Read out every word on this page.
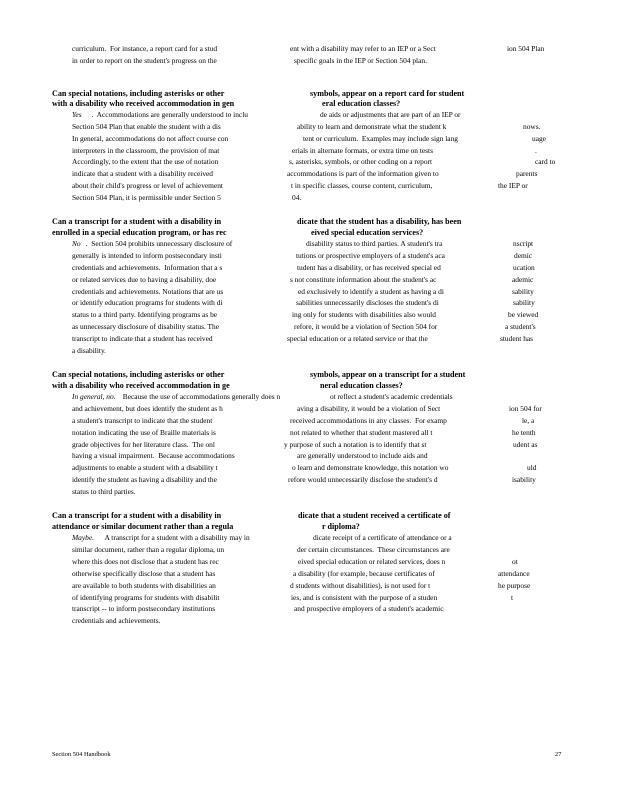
curriculum.  For instance, a report card for a stud	ent with a disability may refer to an IEP or a Sect	ion 504 Plan
in order to report on the student's progress on the	specific goals in the IEP or Section 504 plan.
Can special notations, including asterisks or other	symbols, appear on a report card for student
with a disability who received accommodation in gen	eral education classes?
Yes .  Accommodations are generally understood to inclu	de aids or adjustments that are part of an IEP or
Section 504 Plan that enable the student with a dis	ability to learn and demonstrate what the student k	nows.
In general, accommodations do not affect course con	tent or curriculum.  Examples may include sign lang	uage
interpreters in the classroom, the provision of mat	erials in alternate formats, or extra time on tests	.
Accordingly, to the extent that the use of notation	s, asterisks, symbols, or other coding on a report	card to
indicate that a student with a disability received	accommodations is part of the information given to	parents
about their child's progress or level of achievement	t in specific classes, course content, curriculum,	the IEP or
Section 504 Plan, it is permissible under Section 5	04.
Can a transcript for a student with a disability in	dicate that the student has a disability, has been
enrolled in a special education program, or has rec	eived special education services?
No .  Section 504 prohibits unnecessary disclosure of	disability status to third parties. A student's tra	nscript
generally is intended to inform postsecondary insti	tutions or prospective employers of a student's aca	demic
credentials and achievements.  Information that a s	tudent has a disability, or has received special ed	ucation
or related services due to having a disability, doe	s not constitute information about the student's ac	ademic
credentials and achievements. Notations that are us	ed exclusively to identify a student as having a di	sability
or identify education programs for students with di	sabilities unnecessarily discloses the student's di	sability
status to a third party. Identifying programs as be	ing only for students with disabilities also would	be viewed
as unnecessary disclosure of disability status. The	refore, it would be a violation of Section 504 for	a student's
transcript to indicate that a student has received	special education or a related service or that the	student has
a disability.
Can special notations, including asterisks or other	symbols, appear on a transcript for a student
with a disability who received accommodation in ge	neral education classes?
In general, no.
Because the use of accommodations generally does n	ot reflect a student's academic credentials
and achievement, but does identify the student as h	aving a disability, it would be a violation of Sect	ion 504 for
a student's transcript to indicate that the student	received accommodations in any classes.  For examp	le, a
notation indicating the use of Braille materials is	not related to whether that student mastered all t	he tenth
grade objectives for her literature class.  The onl	y purpose of such a notation is to identify that st	udent as
having a visual impairment.  Because accommodations	are generally understood to include aids and
adjustments to enable a student with a disability t	o learn and demonstrate knowledge, this notation wo	uld
identify the student as having a disability and the	refore would unnecessarily disclose the student's d	isability
status to third parties.
Can a transcript for a student with a disability in	dicate that a student received a certificate of
attendance or similar document rather than a regula	r diploma?
Maybe.
A transcript for a student with a disability may in	dicate receipt of a certificate of attendance or a
similar document, rather than a regular diploma, un	der certain circumstances.  These circumstances are
where this does not disclose that a student has rec	eived special education or related services, does n	ot
otherwise specifically disclose that a student has	a disability (for example, because certificates of	attendance
are available to both students with disabilities an	d students without disabilities), is not used for t	he purpose
of identifying programs for students with disabilit	ies, and is consistent with the purpose of a studen	t
transcript -- to inform postsecondary institutions	and prospective employers of a student's academic
credentials and achievements.
Section 504 Handbook	27
